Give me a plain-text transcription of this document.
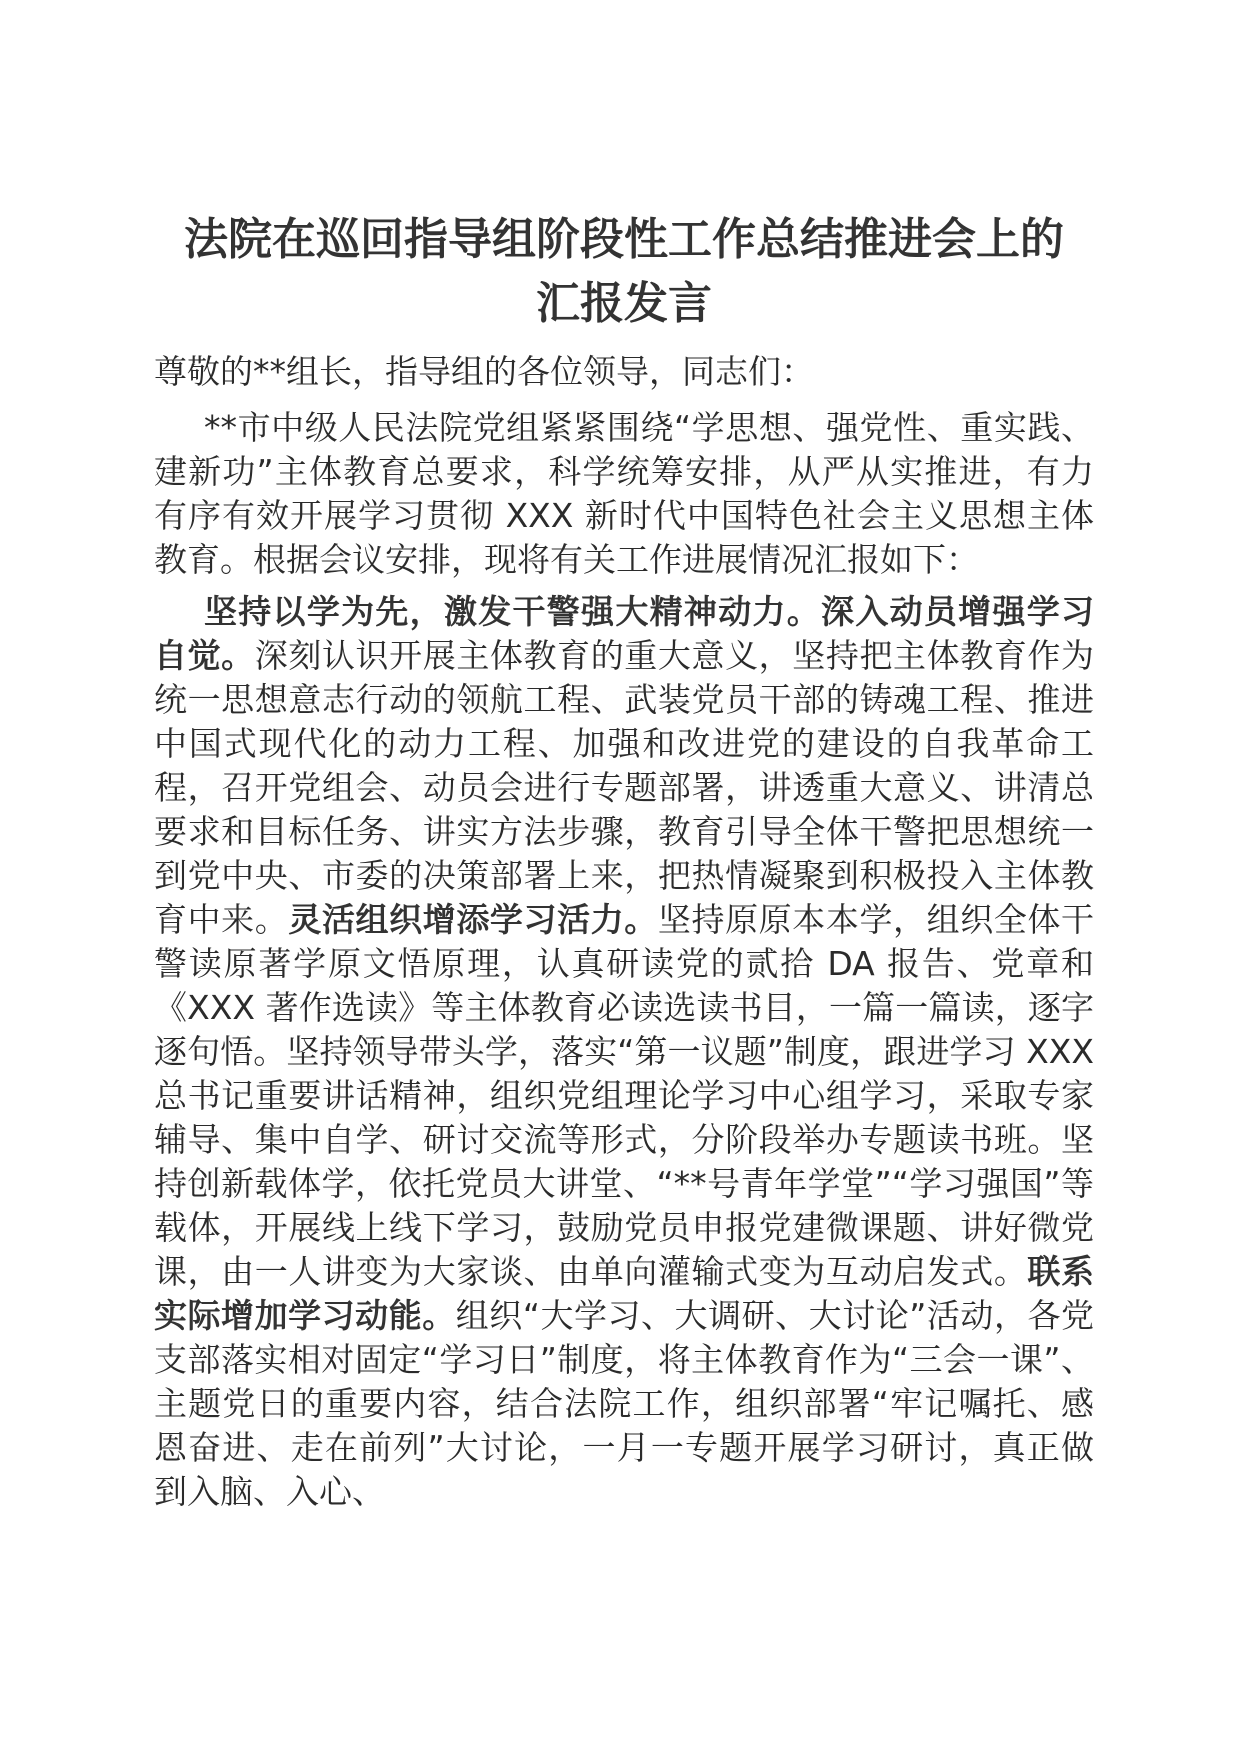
法院在巡回指导组阶段性工作总结推进会上的
汇报发言

尊敬的**组长，指导组的各位领导，同志们：

**市中级人民法院党组紧紧围绕“学思想、强党性、重实践、建新功”主体教育总要求，科学统筹安排，从严从实推进，有力有序有效开展学习贯彻 XXX 新时代中国特色社会主义思想主体教育。根据会议安排，现将有关工作进展情况汇报如下：

坚持以学为先，激发干警强大精神动力。深入动员增强学习自觉。深刻认识开展主体教育的重大意义，坚持把主体教育作为统一思想意志行动的领航工程、武装党员干部的铸魂工程、推进中国式现代化的动力工程、加强和改进党的建设的自我革命工程，召开党组会、动员会进行专题部署，讲透重大意义、讲清总要求和目标任务、讲实方法步骤，教育引导全体干警把思想统一到党中央、市委的决策部署上来，把热情凝聚到积极投入主体教育中来。灵活组织增添学习活力。坚持原原本本学，组织全体干警读原著学原文悟原理，认真研读党的贰拾 DA 报告、党章和《XXX 著作选读》等主体教育必读选读书目，一篇一篇读，逐字逐句悟。坚持领导带头学，落实“第一议题”制度，跟进学习 XXX 总书记重要讲话精神，组织党组理论学习中心组学习，采取专家辅导、集中自学、研讨交流等形式，分阶段举办专题读书班。坚持创新载体学，依托党员大讲堂、“**号青年学堂”“学习强国”等载体，开展线上线下学习，鼓励党员申报党建微课题、讲好微党课，由一人讲变为大家谈、由单向灌输式变为互动启发式。联系实际增加学习动能。组织“大学习、大调研、大讨论”活动，各党支部落实相对固定“学习日”制度，将主体教育作为“三会一课”、主题党日的重要内容，结合法院工作，组织部署“牢记嘱托、感恩奋进、走在前列”大讨论，一月一专题开展学习研讨，真正做到入脑、入心、
